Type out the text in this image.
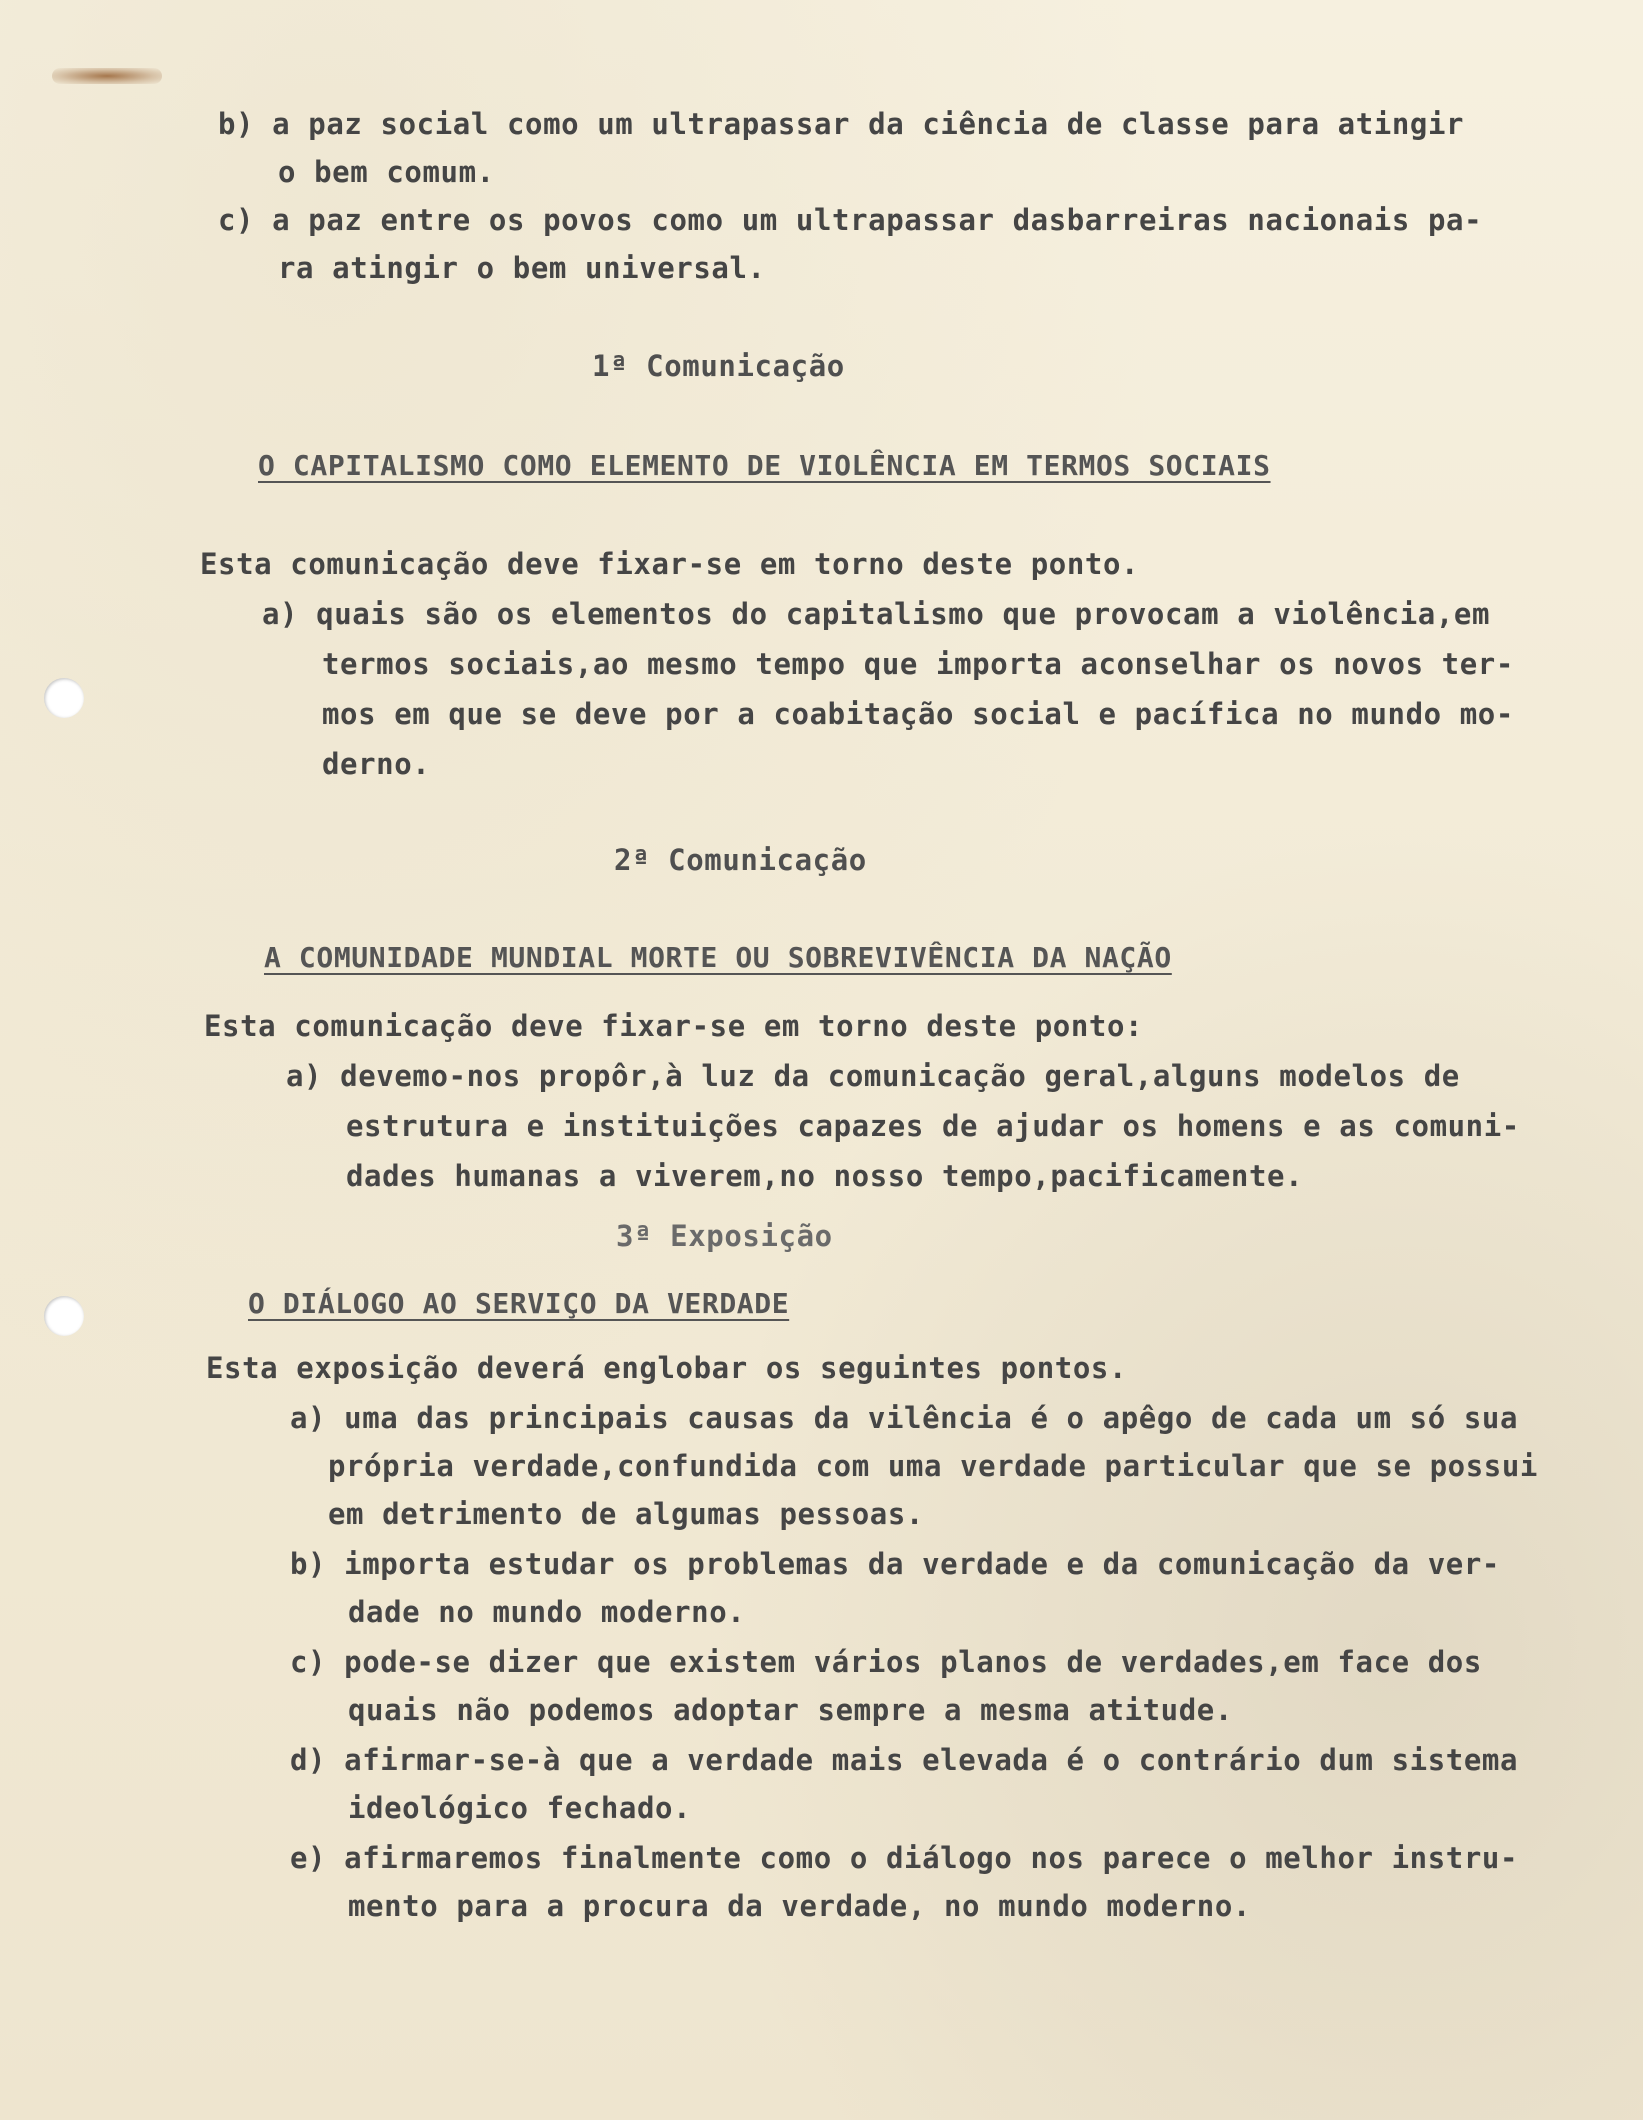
b) a paz social como um ultrapassar da ciência de classe para atingir

o bem comum.

c) a paz entre os povos como um ultrapassar dasbarreiras nacionais pa-

ra atingir o bem universal.

1ª Comunicação

O CAPITALISMO COMO ELEMENTO DE VIOLÊNCIA EM TERMOS SOCIAIS

Esta comunicação deve fixar-se em torno deste ponto.

a) quais são os elementos do capitalismo que provocam a violência,em

termos sociais,ao mesmo tempo que importa aconselhar os novos ter-

mos em que se deve por a coabitação social e pacífica no mundo mo-

derno.

2ª Comunicação

A COMUNIDADE MUNDIAL MORTE OU SOBREVIVÊNCIA DA NAÇÃO

Esta comunicação deve fixar-se em torno deste ponto:

a) devemo-nos propôr,à luz da comunicação geral,alguns modelos de

estrutura e instituições capazes de ajudar os homens e as comuni-

dades humanas a viverem,no nosso tempo,pacificamente.

3ª Exposição

O DIÁLOGO AO SERVIÇO DA VERDADE

Esta exposição deverá englobar os seguintes pontos.

a) uma das principais causas da vilência é o apêgo de cada um só sua

própria verdade,confundida com uma verdade particular que se possui

em detrimento de algumas pessoas.

b) importa estudar os problemas da verdade e da comunicação da ver-

dade no mundo moderno.

c) pode-se dizer que existem vários planos de verdades,em face dos

quais não podemos adoptar sempre a mesma atitude.

d) afirmar-se-à que a verdade mais elevada é o contrário dum sistema

ideológico fechado.

e) afirmaremos finalmente como o diálogo nos parece o melhor instru-

mento para a procura da verdade, no mundo moderno.
